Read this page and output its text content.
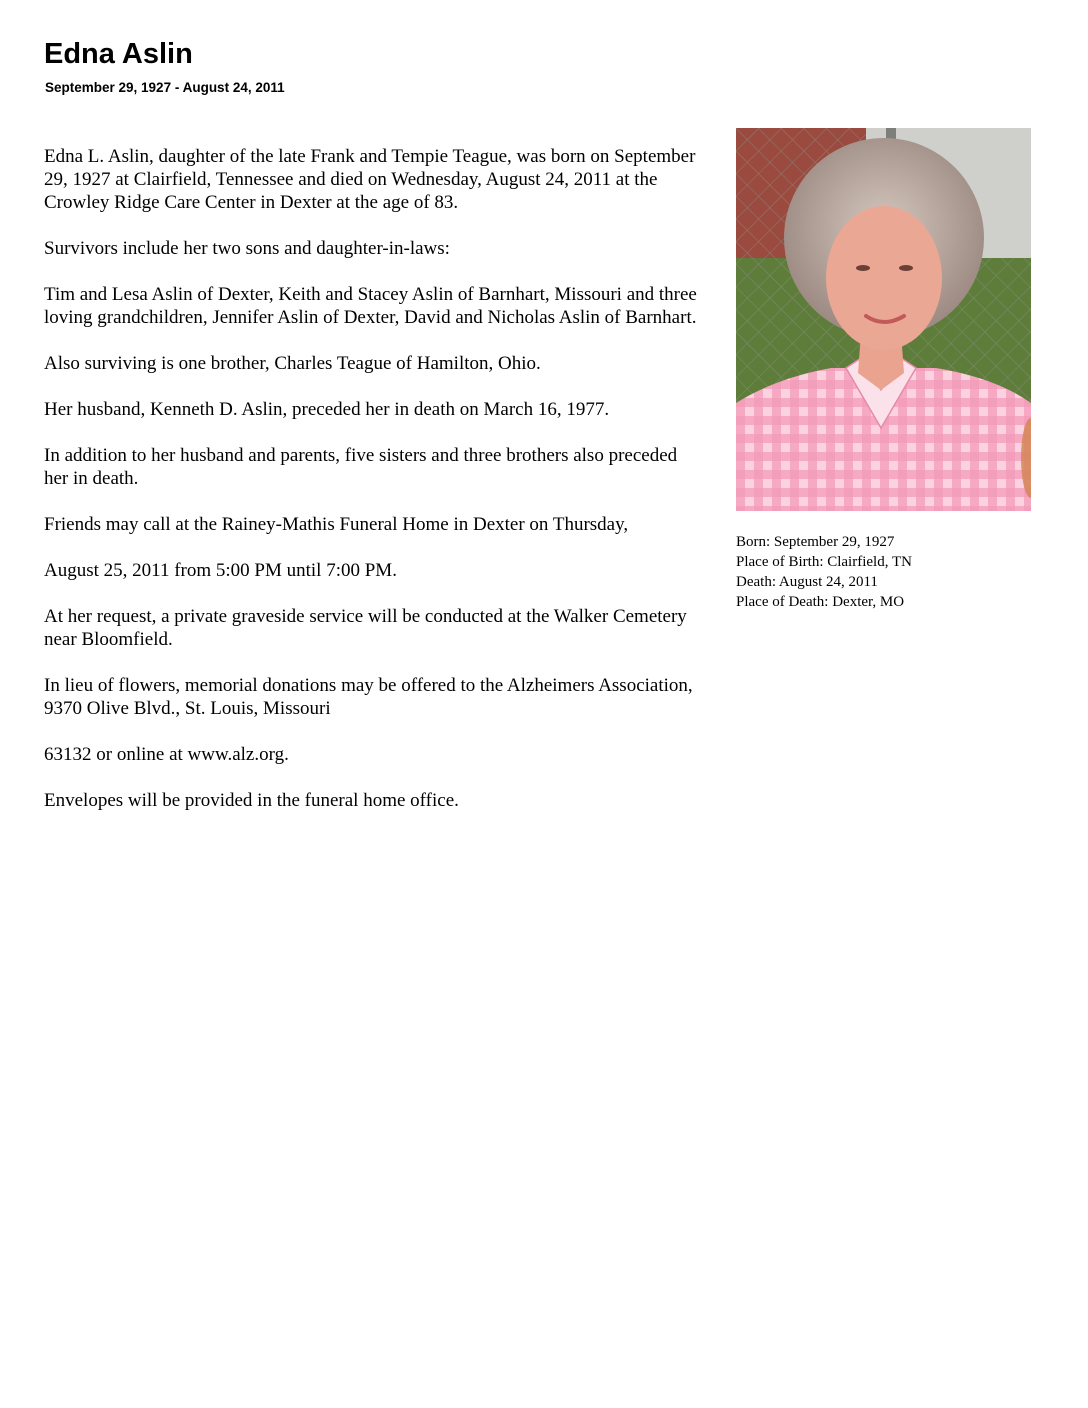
Edna Aslin
September 29, 1927 - August 24, 2011

Edna L. Aslin, daughter of the late Frank and Tempie Teague, was born on September 29, 1927 at Clairfield, Tennessee and died on Wednesday, August 24, 2011 at the Crowley Ridge Care Center in Dexter at the age of 83.

Survivors include her two sons and daughter-in-laws:

Tim and Lesa Aslin of Dexter, Keith and Stacey Aslin of Barnhart, Missouri and three loving grandchildren, Jennifer Aslin of Dexter, David and Nicholas Aslin of Barnhart.

Also surviving is one brother, Charles Teague of Hamilton, Ohio.

Her husband, Kenneth D. Aslin, preceded her in death on March 16, 1977.

In addition to her husband and parents, five sisters and three brothers also preceded her in death.

Friends may call at the Rainey-Mathis Funeral Home in Dexter on Thursday,

August 25, 2011 from 5:00 PM until 7:00 PM.

At her request, a private graveside service will be conducted at the Walker Cemetery near Bloomfield.

In lieu of flowers, memorial donations may be offered to the Alzheimers Association, 9370 Olive Blvd., St. Louis, Missouri

63132 or online at www.alz.org.

Envelopes will be provided in the funeral home office.

Born: September 29, 1927
Place of Birth: Clairfield, TN
Death: August 24, 2011
Place of Death: Dexter, MO
